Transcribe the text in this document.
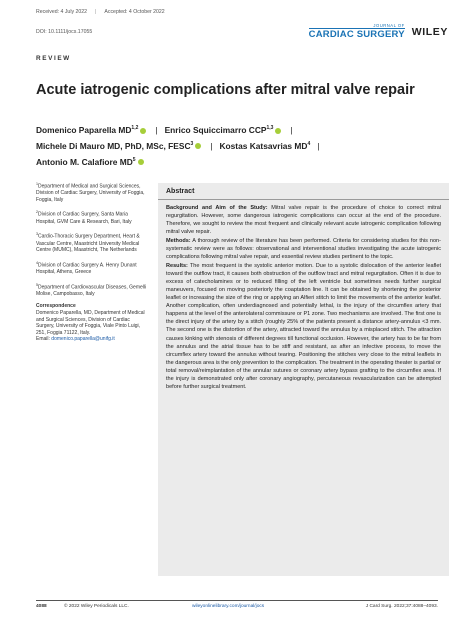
Received: 4 July 2022 | Accepted: 4 October 2022
DOI: 10.1111/jocs.17055
JOURNAL OF
CARDIAC SURGERY WILEY
REVIEW
Acute iatrogenic complications after mitral valve repair
Domenico Paparella MD$^{1,2}$ | Enrico Squiccimarro CCP$^{1,3}$ |
Michele Di Mauro MD, PhD, MSc, FESC$^3$ | Kostas Katsavrias $MD^4$ |
Antonio M. Calafiore $MD^5$

$^1$Department of Medical and Surgical Sciences, Division of Cardiac Surgery, University of Foggia, Foggia, Italy

$^2$Division of Cardiac Surgery, Santa Maria Hospital, GVM Care & Research, Bari, Italy

$^3$Cardio-Thoracic Surgery Department, Heart & Vascular Centre, Maastricht University Medical Centre (MUMC), Maastricht, The Netherlands

$^4$Division of Cardiac Surgery A. Henry Dunant Hospital, Athens, Greece

$^5$Department of Cardiovascular Diseases, Gemelli Molise, Campobasso, Italy

Correspondence
Domenico Paparella, MD, Department of Medical and Surgical Sciences, Division of Cardiac Surgery, University of Foggia, Viale Pinto Luigi, 251, Foggia 71122, Italy.
Email: domenico.paparella@unifg.it

Abstract

Background and Aim of the Study: Mitral valve repair is the procedure of choice to correct mitral regurgitation. However, some dangerous iatrogenic complications can occur at the end of the procedure. Therefore, we sought to review the most frequent and clinically relevant acute iatrogenic complication following mitral valve repair.

Methods: A thorough review of the literature has been performed. Criteria for considering studies for this non-systematic review were as follows: observational and interventional studies investigating the acute iatrogenic complications following mitral valve repair, and essential review studies pertinent to the topic.

Results: The most frequent is the systolic anterior motion. Due to a systolic dislocation of the anterior leaflet toward the outflow tract, it causes both obstruction of the outflow tract and mitral regurgitation. Often it is due to excess of catecholamines or to reduced filling of the left ventricle but sometimes needs further surgical maneuvers, focused on moving posteriorly the coaptation line. It can be obtained by shortening the posterior leaflet or increasing the size of the ring or applying an Alfieri stitch to limit the movements of the anterior leaflet. Another complication, often underdiagnosed and potentially lethal, is the injury of the circumflex artery that happens at the level of the anterolateral commissure or P1 zone. Two mechanisms are involved. The first one is the direct injury of the artery by a stitch (roughly 25% of the patients present a distance artery-annulus <3 mm. The second one is the distortion of the artery, attracted toward the annulus by a misplaced stitch. The attraction causes kinking with stenosis of different degrees till functional occlusion. However, the artery has to be far from the annulus and the atrial tissue has to be stiff and resistant, as after an infective process, to move the circumflex artery toward the annulus without tearing. Positioning the stitches very close to the mitral leaflets in the dangerous area is the only prevention to the complication. The treatment in the operating theater is partial or total removal/reimplantation of the annular sutures or coronary artery bypass grafting to the circumflex area. If the injury is demonstrated only after coronary angiography, percutaneous revascularization can be attempted before further surgical treatment.

4088	© 2022 Wiley Periodicals LLC.	wileyonlinelibrary.com/journal/jocs	J Card Surg. 2022;37:4088–4093.
